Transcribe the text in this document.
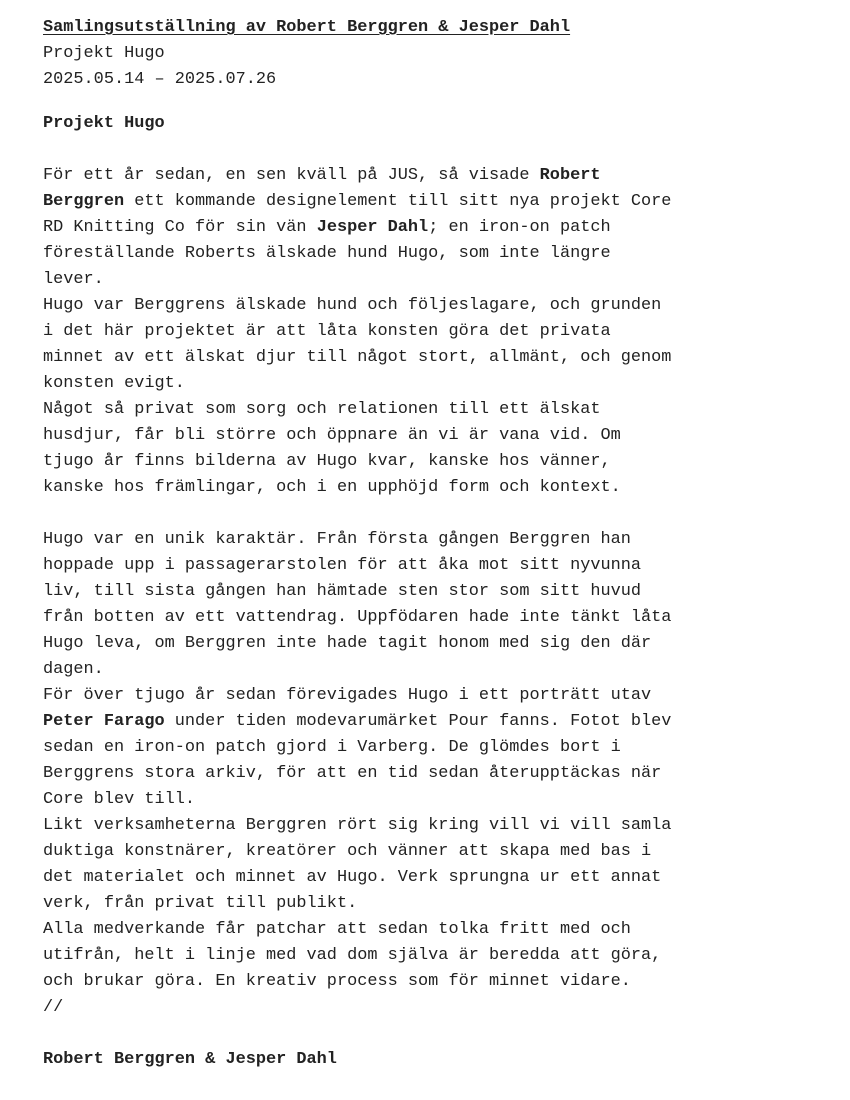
Samlingsutställning av Robert Berggren & Jesper Dahl
Projekt Hugo
2025.05.14 – 2025.07.26
Projekt Hugo
För ett år sedan, en sen kväll på JUS, så visade Robert
Berggren ett kommande designelement till sitt nya projekt Core
RD Knitting Co för sin vän Jesper Dahl; en iron-on patch
föreställande Roberts älskade hund Hugo, som inte längre
lever.
Hugo var Berggrens älskade hund och följeslagare, och grunden
i det här projektet är att låta konsten göra det privata
minnet av ett älskat djur till något stort, allmänt, och genom
konsten evigt.
Något så privat som sorg och relationen till ett älskat
husdjur, får bli större och öppnare än vi är vana vid. Om
tjugo år finns bilderna av Hugo kvar, kanske hos vänner,
kanske hos främlingar, och i en upphöjd form och kontext.
Hugo var en unik karaktär. Från första gången Berggren han
hoppade upp i passagerarstolen för att åka mot sitt nyvunna
liv, till sista gången han hämtade sten stor som sitt huvud
från botten av ett vattendrag. Uppfödaren hade inte tänkt låta
Hugo leva, om Berggren inte hade tagit honom med sig den där
dagen.
För över tjugo år sedan förevigades Hugo i ett porträtt utav
Peter Farago under tiden modevarumärket Pour fanns. Fotot blev
sedan en iron-on patch gjord i Varberg. De glömdes bort i
Berggrens stora arkiv, för att en tid sedan återupptäckas när
Core blev till.
Likt verksamheterna Berggren rört sig kring vill vi vill samla
duktiga konstnärer, kreatörer och vänner att skapa med bas i
det materialet och minnet av Hugo. Verk sprungna ur ett annat
verk, från privat till publikt.
Alla medverkande får patchar att sedan tolka fritt med och
utifrån, helt i linje med vad dom själva är beredda att göra,
och brukar göra. En kreativ process som för minnet vidare.
//
Robert Berggren & Jesper Dahl
